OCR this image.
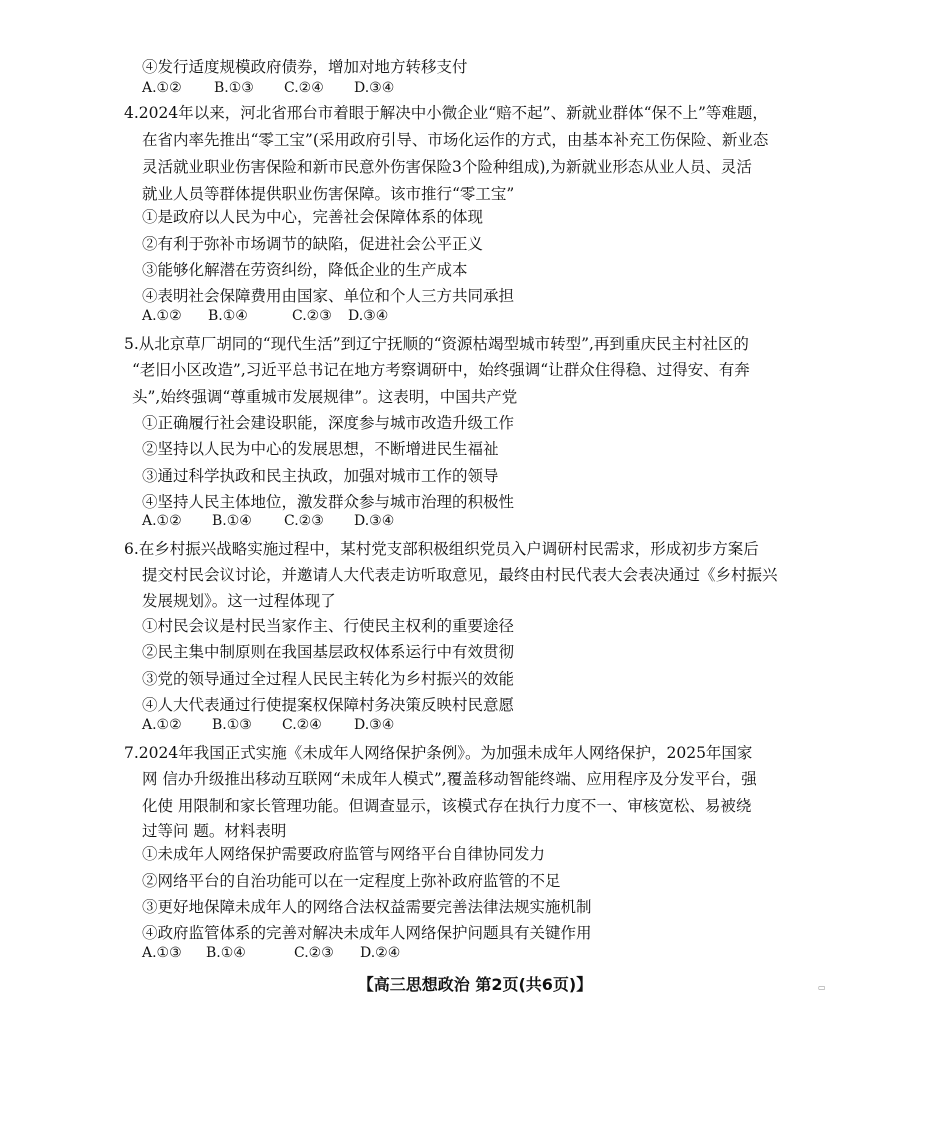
④发行适度规模政府债券，增加对地方转移支付
A.①② B.①③ C.②④ D.③④
4.2024年以来，河北省邢台市着眼于解决中小微企业“赔不起”、新就业群体“保不上”等难题，
在省内率先推出“零工宝”(采用政府引导、市场化运作的方式，由基本补充工伤保险、新业态
灵活就业职业伤害保险和新市民意外伤害保险3个险种组成),为新就业形态从业人员、灵活
就业人员等群体提供职业伤害保障。该市推行“零工宝”
①是政府以人民为中心，完善社会保障体系的体现
②有利于弥补市场调节的缺陷，促进社会公平正义
③能够化解潜在劳资纠纷，降低企业的生产成本
④表明社会保障费用由国家、单位和个人三方共同承担
A.①② B.①④	C.②③ D.③④
5.从北京草厂胡同的“现代生活”到辽宁抚顺的“资源枯竭型城市转型”,再到重庆民主村社区的
“老旧小区改造”,习近平总书记在地方考察调研中，始终强调“让群众住得稳、过得安、有奔
头”,始终强调“尊重城市发展规律”。这表明，中国共产党
①正确履行社会建设职能，深度参与城市改造升级工作
②坚持以人民为中心的发展思想，不断增进民生福祉
③通过科学执政和民主执政，加强对城市工作的领导
④坚持人民主体地位，激发群众参与城市治理的积极性
A.①② B.①④ C.②③ D.③④
6.在乡村振兴战略实施过程中，某村党支部积极组织党员入户调研村民需求，形成初步方案后
提交村民会议讨论，并邀请人大代表走访听取意见，最终由村民代表大会表决通过《乡村振兴
发展规划》。这一过程体现了
①村民会议是村民当家作主、行使民主权利的重要途径
②民主集中制原则在我国基层政权体系运行中有效贯彻
③党的领导通过全过程人民民主转化为乡村振兴的效能
④人大代表通过行使提案权保障村务决策反映村民意愿
A.①② B.①③ C.②④ D.③④
7.2024年我国正式实施《未成年人网络保护条例》。为加强未成年人网络保护，2025年国家
网 信办升级推出移动互联网“未成年人模式”,覆盖移动智能终端、应用程序及分发平台，强
化使 用限制和家长管理功能。但调查显示，该模式存在执行力度不一、审核宽松、易被绕
过等问 题。材料表明
①未成年人网络保护需要政府监管与网络平台自律协同发力
②网络平台的自治功能可以在一定程度上弥补政府监管的不足
③更好地保障未成年人的网络合法权益需要完善法律法规实施机制
④政府监管体系的完善对解决未成年人网络保护问题具有关键作用
A.①③ B.①④	C.②③ D.②④
【高三思想政治 第2页(共6页)】	▭
